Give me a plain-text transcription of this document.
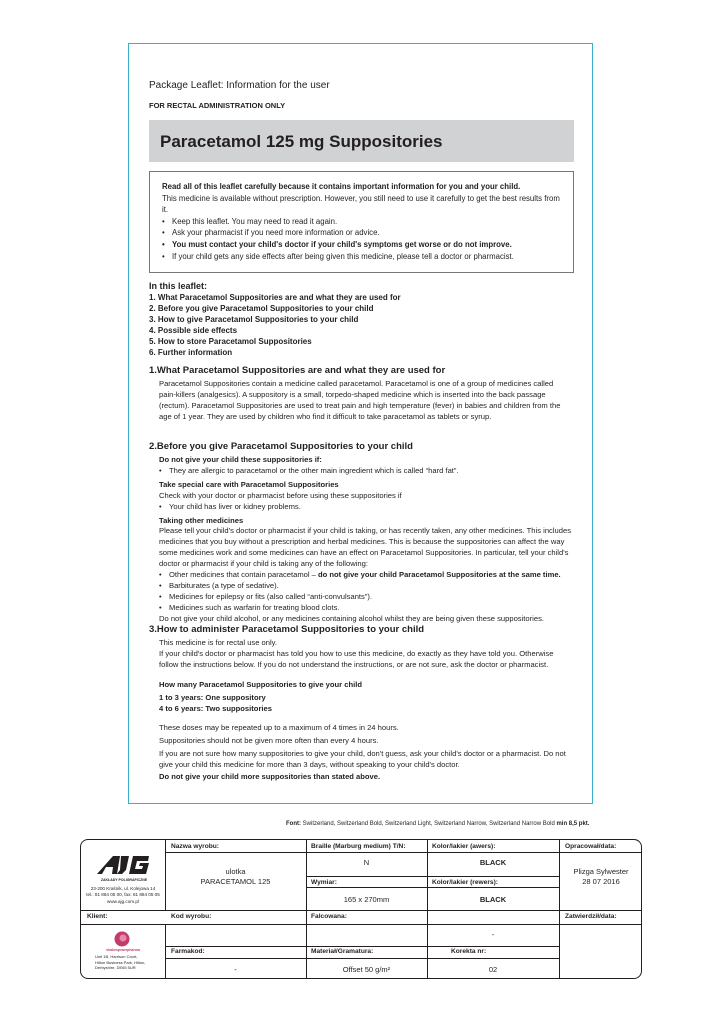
Package Leaflet: Information for the user
FOR RECTAL ADMINISTRATION ONLY
Paracetamol 125 mg Suppositories
Read all of this leaflet carefully because it contains important information for you and your child.
This medicine is available without prescription. However, you still need to use it carefully to get the best results from it.
• Keep this leaflet. You may need to read it again.
• Ask your pharmacist if you need more information or advice.
• You must contact your child's doctor if your child's symptoms get worse or do not improve.
• If your child gets any side effects after being given this medicine, please tell a doctor or pharmacist.
In this leaflet:
1. What Paracetamol Suppositories are and what they are used for
2. Before you give Paracetamol Suppositories to your child
3. How to give Paracetamol Suppositories to your child
4. Possible side effects
5. How to store Paracetamol Suppositories
6. Further information
1.What Paracetamol Suppositories are and what they are used for
Paracetamol Suppositories contain a medicine called paracetamol. Paracetamol is one of a group of medicines called pain-killers (analgesics). A suppository is a small, torpedo-shaped medicine which is inserted into the back passage (rectum). Paracetamol Suppositories are used to treat pain and high temperature (fever) in babies and children from the age of 1 year. They are used by children who find it difficult to take paracetamol as tablets or syrup.
2.Before you give Paracetamol Suppositories to your child
Do not give your child these suppositories if:
• They are allergic to paracetamol or the other main ingredient which is called “hard fat”.
Take special care with Paracetamol Suppositories
Check with your doctor or pharmacist before using these suppositories if
• Your child has liver or kidney problems.
Taking other medicines
Please tell your child's doctor or pharmacist if your child is taking, or has recently taken, any other medicines. This includes medicines that you buy without a prescription and herbal medicines. This is because the suppositories can affect the way some medicines work and some medicines can have an effect on Paracetamol Suppositories. In particular, tell your child's doctor or pharmacist if your child is taking any of the following:
• Other medicines that contain paracetamol – do not give your child Paracetamol Suppositories at the same time.
• Barbiturates (a type of sedative).
• Medicines for epilepsy or fits (also called “anti-convulsants”).
• Medicines such as warfarin for treating blood clots.
Do not give your child alcohol, or any medicines containing alcohol whilst they are being given these suppositories.
3.How to administer Paracetamol Suppositories to your child
This medicine is for rectal use only.
If your child's doctor or pharmacist has told you how to use this medicine, do exactly as they have told you. Otherwise follow the instructions below. If you do not understand the instructions, or are not sure, ask the doctor or pharmacist.
How many Paracetamol Suppositories to give your child
1 to 3 years: One suppository
4 to 6 years: Two suppositories
These doses may be repeated up to a maximum of 4 times in 24 hours.
Suppositories should not be given more often than every 4 hours.
If you are not sure how many suppositories to give your child, don't guess, ask your child's doctor or a pharmacist. Do not give your child this medicine for more than 3 days, without speaking to your child's doctor.
Do not give your child more suppositories than stated above.
Font: Switzerland, Switzerland Bold, Switzerland Light, Switzerland Narrow, Switzerland Narrow Bold min 8,5 pkt.
ZAKŁADY POLIGRAFICZNE
23-200 Kraśnik, ul. Kolejowa 14
tel.: 81 884 05 00, fax: 81 884 05 05
www.ajg.com.pl
Nazwa wyrobu:
ulotka
PARACETAMOL 125
Braille (Marburg medium) T/N:
N
Kolor/lakier (awers):
BLACK
Opracował/data:
Plizga Sylwester
28 07 2016
Wymiar:
165 x 270mm
Kolor/lakier (rewers):
BLACK
Klient:	Kod wyrobu:	Falcowana:
-
Zatwierdził/data:
shakespearepharma
Unit 1B, Harrison Court,
Hilton Business Park, Hilton,
Derbyshire, DE65 5UR
Farmakod:
-
Materiał/Gramatura:
Offset 50 g/m²
Korekta nr:
02
